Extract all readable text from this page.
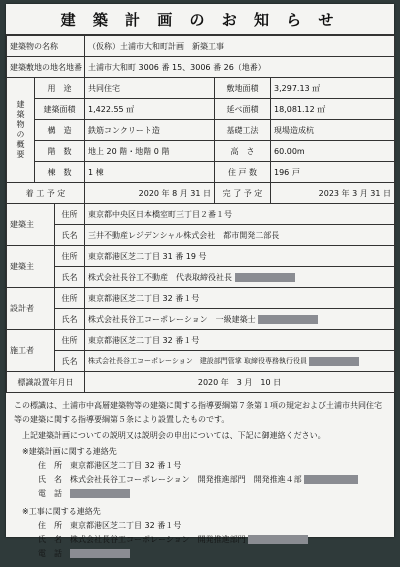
建 築 計 画 の お 知 ら せ
建築物の名称		（仮称）土浦市大和町計画　新築工事		
建築敷地の地名地番		土浦市大和町 3006 番 15、3006 番 26（地番）		
建築物の概要	用　途	共同住宅	敷地面積	3,297.13 ㎡
	建築面積	1,422.55 ㎡	延べ面積	18,081.12 ㎡
	構　造	鉄筋コンクリート造	基礎工法	現場造成杭
	階　数	地上 20 階・地階 0 階	高　さ	60.00m
	棟　数	1 棟	住 戸 数	196 戸
着 工 予 定	2020 年 8 月 31 日	完 了 予 定	2023 年 3 月 31 日
建築主	住所	東京都中央区日本橋室町三丁目２番１号
	氏名	三井不動産レジデンシャル株式会社　都市開発二部長
建築主	住所	東京都港区芝二丁目 31 番 19 号
	氏名	株式会社長谷工不動産　代表取締役社長
設計者	住所	東京都港区芝二丁目 32 番１号
	氏名	株式会社長谷工コーポレーション　一級建築士
施工者	住所	東京都港区芝二丁目 32 番１号
	氏名	株式会社長谷工コーポレーション　建設部門管掌 取締役専務執行役員
標識設置年月日	2020 年　3 月　10 日

この標識は、土浦市中高層建築物等の建築に関する指導要綱第７条第１項の規定および土浦市共同住宅等の建築に関する指導要綱第５条により設置したものです。

上記建築計画についての説明又は説明会の申出については、下記に御連絡ください。

※建築計画に関する連絡先

住　所　 東京都港区芝二丁目 32 番１号

氏　名　 株式会社長谷工コーポレーション　開発推進部門　開発推進４部

電　話　

※工事に関する連絡先

住　所　 東京都港区芝二丁目 32 番１号

氏　名　 株式会社長谷工コーポレーション　開発推進部門

電　話　
